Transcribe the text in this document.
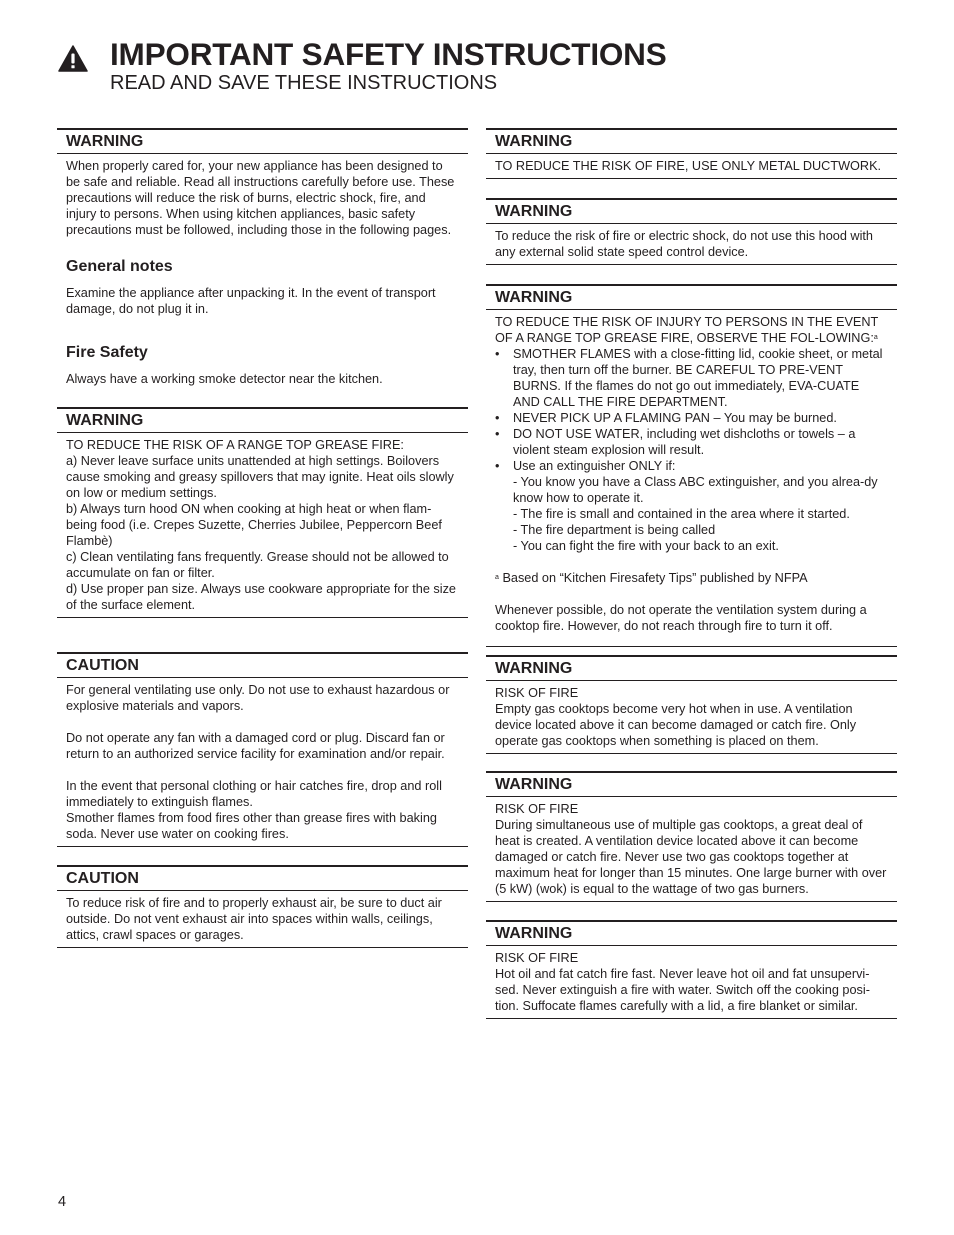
IMPORTANT SAFETY INSTRUCTIONS
READ AND SAVE THESE INSTRUCTIONS
WARNING

When properly cared for, your new appliance has been designed to be safe and reliable. Read all instructions carefully before use. These precautions will reduce the risk of burns, electric shock, fire, and injury to persons. When using kitchen appliances, basic safety precautions must be followed, including those in the following pages.

General notes

Examine the appliance after unpacking it. In the event of transport damage, do not plug it in.

Fire Safety

Always have a working smoke detector near the kitchen.

WARNING

TO REDUCE THE RISK OF A RANGE TOP GREASE FIRE:

a) Never leave surface units unattended at high settings. Boilovers cause smoking and greasy spillovers that may ignite. Heat oils slowly on low or medium settings.

b) Always turn hood ON when cooking at high heat or when flam-being food (i.e. Crepes Suzette, Cherries Jubilee, Peppercorn Beef Flambè)

c) Clean ventilating fans frequently. Grease should not be allowed to accumulate on fan or filter.

d) Use proper pan size. Always use cookware appropriate for the size of the surface element.

CAUTION

For general ventilating use only. Do not use to exhaust hazardous or explosive materials and vapors.

Do not operate any fan with a damaged cord or plug. Discard fan or return to an authorized service facility for examination and/or repair.

In the event that personal clothing or hair catches fire, drop and roll immediately to extinguish flames.

Smother flames from food fires other than grease fires with baking soda. Never use water on cooking fires.

CAUTION

To reduce risk of fire and to properly exhaust air, be sure to duct air outside. Do not vent exhaust air into spaces within walls, ceilings, attics, crawl spaces or garages.

WARNING

TO REDUCE THE RISK OF FIRE, USE ONLY METAL DUCTWORK.

WARNING

To reduce the risk of fire or electric shock, do not use this hood with any external solid state speed control device.

WARNING

TO REDUCE THE RISK OF INJURY TO PERSONS IN THE EVENT OF A RANGE TOP GREASE FIRE, OBSERVE THE FOL-LOWING:$^a$

• SMOTHER FLAMES with a close-fitting lid, cookie sheet, or metal tray, then turn off the burner. BE CAREFUL TO PRE-VENT BURNS. If the flames do not go out immediately, EVA-CUATE AND CALL THE FIRE DEPARTMENT.
• NEVER PICK UP A FLAMING PAN – You may be burned.
• DO NOT USE WATER, including wet dishcloths or towels – a violent steam explosion will result.
• Use an extinguisher ONLY if:
- You know you have a Class ABC extinguisher, and you alrea-dy know how to operate it.
- The fire is small and contained in the area where it started.
- The fire department is being called
- You can fight the fire with your back to an exit.

$^a$ Based on “Kitchen Firesafety Tips” published by NFPA

Whenever possible, do not operate the ventilation system during a cooktop fire. However, do not reach through fire to turn it off.

WARNING

RISK OF FIRE

Empty gas cooktops become very hot when in use. A ventilation device located above it can become damaged or catch fire. Only operate gas cooktops when something is placed on them.

WARNING

RISK OF FIRE

During simultaneous use of multiple gas cooktops, a great deal of heat is created. A ventilation device located above it can become damaged or catch fire. Never use two gas cooktops together at maximum heat for longer than 15 minutes. One large burner with over (5 kW) (wok) is equal to the wattage of two gas burners.

WARNING

RISK OF FIRE

Hot oil and fat catch fire fast. Never leave hot oil and fat unsupervi-sed. Never extinguish a fire with water. Switch off the cooking posi-tion. Suffocate flames carefully with a lid, a fire blanket or similar.

4
